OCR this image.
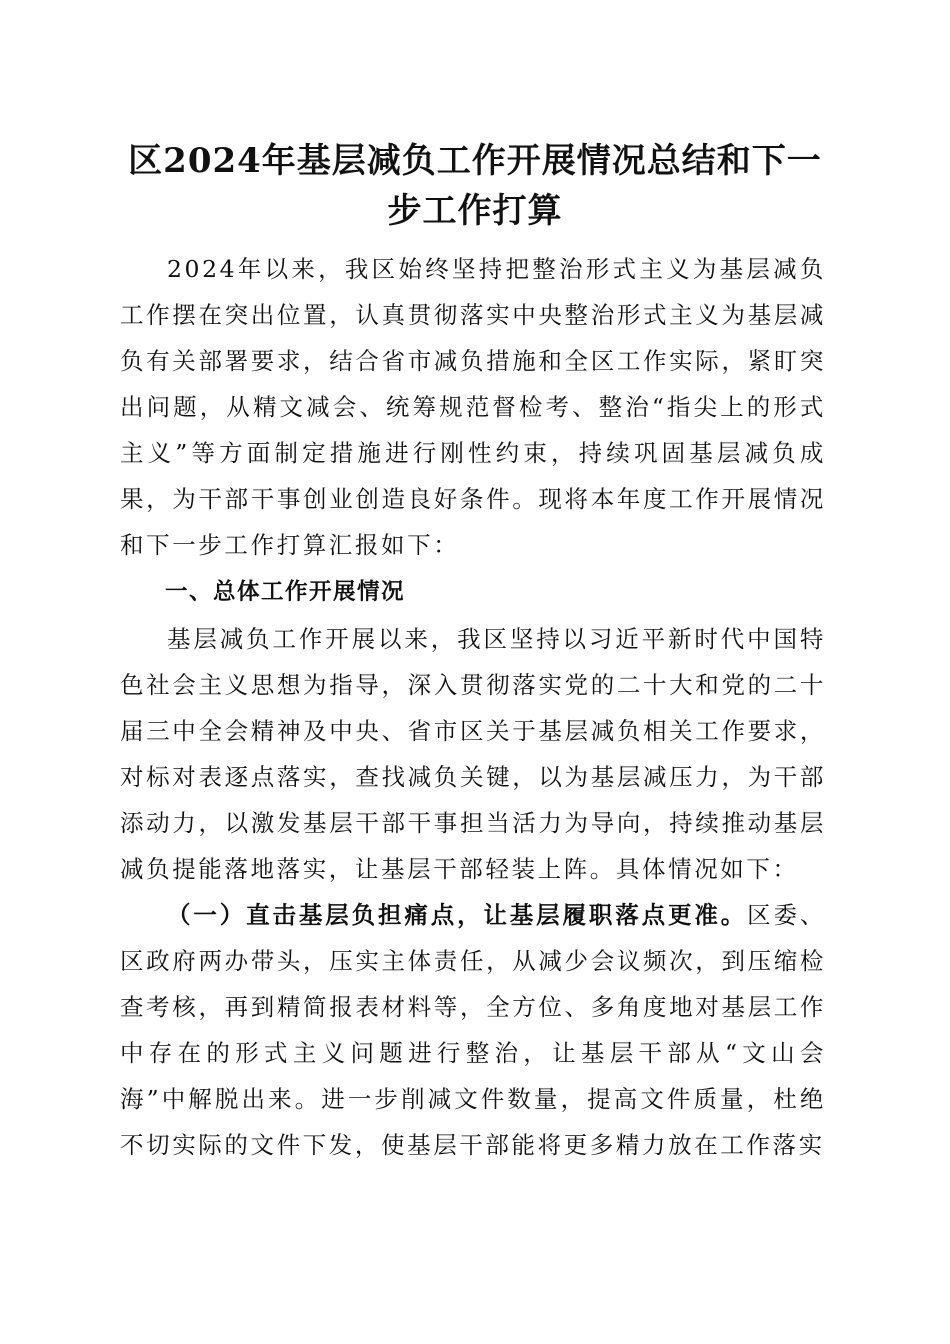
区2024年基层减负工作开展情况总结和下一步工作打算

2024年以来，我区始终坚持把整治形式主义为基层减负工作摆在突出位置，认真贯彻落实中央整治形式主义为基层减负有关部署要求，结合省市减负措施和全区工作实际，紧盯突出问题，从精文减会、统筹规范督检考、整治“指尖上的形式主义”等方面制定措施进行刚性约束，持续巩固基层减负成果，为干部干事创业创造良好条件。现将本年度工作开展情况和下一步工作打算汇报如下：

一、总体工作开展情况

基层减负工作开展以来，我区坚持以习近平新时代中国特色社会主义思想为指导，深入贯彻落实党的二十大和党的二十届三中全会精神及中央、省市区关于基层减负相关工作要求，对标对表逐点落实，查找减负关键，以为基层减压力，为干部添动力，以激发基层干部干事担当活力为导向，持续推动基层减负提能落地落实，让基层干部轻装上阵。具体情况如下：

（一）直击基层负担痛点，让基层履职落点更准。区委、区政府两办带头，压实主体责任，从减少会议频次，到压缩检查考核，再到精简报表材料等，全方位、多角度地对基层工作中存在的形式主义问题进行整治，让基层干部从“文山会海”中解脱出来。进一步削减文件数量，提高文件质量，杜绝不切实际的文件下发，使基层干部能将更多精力放在工作落实
